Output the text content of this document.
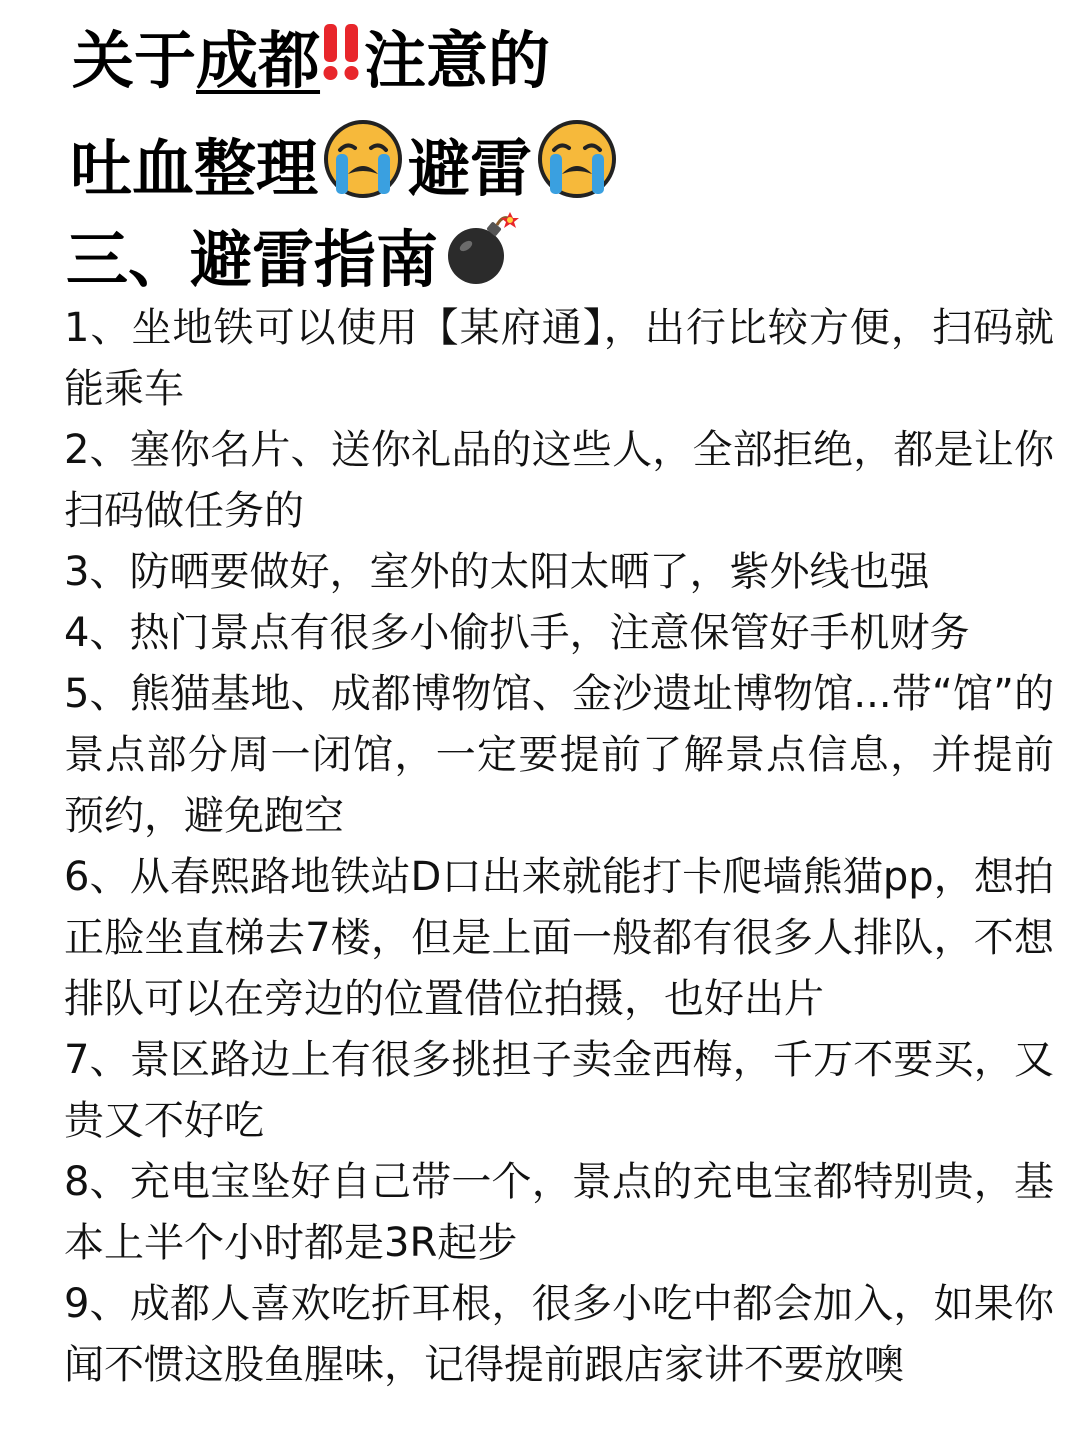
关于 成都 注意的
吐血整理 避雷
三、避雷指南

1、坐地铁可以使用【某府通】，出行比较方便，扫码就能乘车

2、塞你名片、送你礼品的这些人，全部拒绝，都是让你扫码做任务的

3、防晒要做好，室外的太阳太晒了，紫外线也强

4、热门景点有很多小偷扒手，注意保管好手机财务

5、熊猫基地、成都博物馆、金沙遗址博物馆...带“馆”的景点部分周一闭馆，一定要提前了解景点信息，并提前预约，避免跑空

6、从春熙路地铁站D口出来就能打卡爬墙熊猫pp，想拍正脸坐直梯去7楼，但是上面一般都有很多人排队，不想排队可以在旁边的位置借位拍摄，也好出片

7、景区路边上有很多挑担子卖金西梅，千万不要买，又贵又不好吃

8、充电宝坠好自己带一个，景点的充电宝都特别贵，基本上半个小时都是3R起步

9、成都人喜欢吃折耳根，很多小吃中都会加入，如果你闻不惯这股鱼腥味，记得提前跟店家讲不要放噢
